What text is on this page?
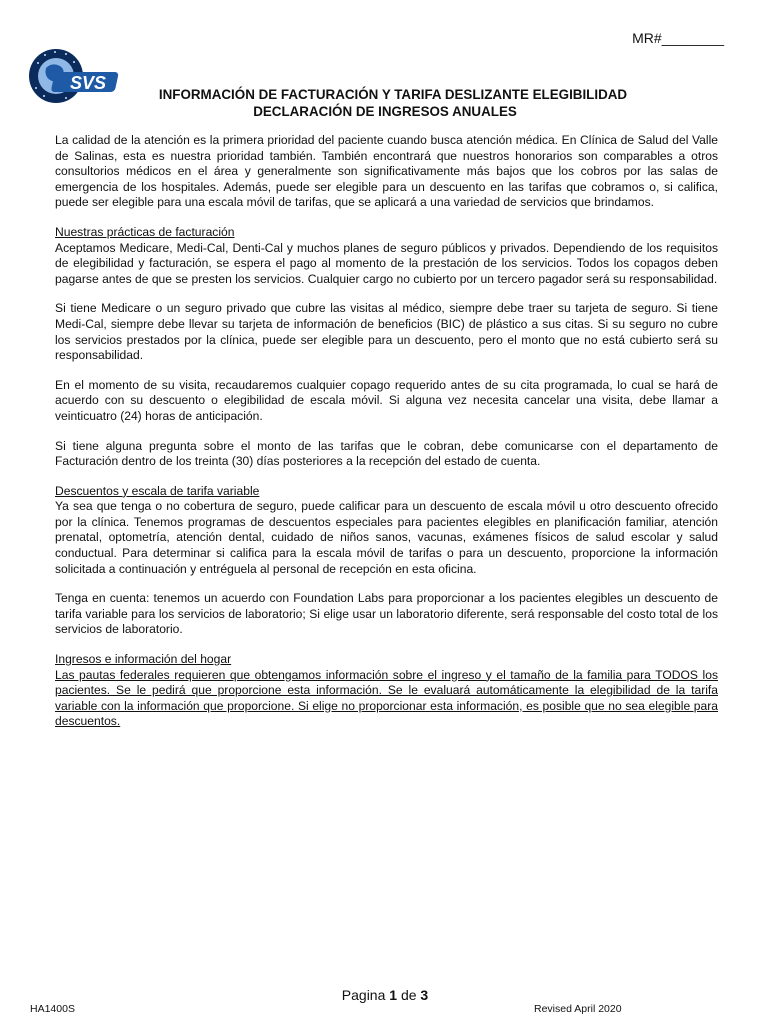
MR#________
SVS
INFORMACIÓN DE FACTURACIÓN Y TARIFA DESLIZANTE ELEGIBILIDAD
DECLARACIÓN DE INGRESOS ANUALES

La calidad de la atención es la primera prioridad del paciente cuando busca atención médica. En Clínica de Salud del Valle de Salinas, esta es nuestra prioridad también. También encontrará que nuestros honorarios son comparables a otros consultorios médicos en el área y generalmente son significativamente más bajos que los cobros por las salas de emergencia de los hospitales. Además, puede ser elegible para un descuento en las tarifas que cobramos o, si califica, puede ser elegible para una escala móvil de tarifas, que se aplicará a una variedad de servicios que brindamos.

Nuestras prácticas de facturación
Aceptamos Medicare, Medi-Cal, Denti-Cal y muchos planes de seguro públicos y privados. Dependiendo de los requisitos de elegibilidad y facturación, se espera el pago al momento de la prestación de los servicios. Todos los copagos deben pagarse antes de que se presten los servicios. Cualquier cargo no cubierto por un tercero pagador será su responsabilidad.

Si tiene Medicare o un seguro privado que cubre las visitas al médico, siempre debe traer su tarjeta de seguro. Si tiene Medi-Cal, siempre debe llevar su tarjeta de información de beneficios (BIC) de plástico a sus citas. Si su seguro no cubre los servicios prestados por la clínica, puede ser elegible para un descuento, pero el monto que no está cubierto será su responsabilidad.

En el momento de su visita, recaudaremos cualquier copago requerido antes de su cita programada, lo cual se hará de acuerdo con su descuento o elegibilidad de escala móvil. Si alguna vez necesita cancelar una visita, debe llamar a veinticuatro (24) horas de anticipación.

Si tiene alguna pregunta sobre el monto de las tarifas que le cobran, debe comunicarse con el departamento de Facturación dentro de los treinta (30) días posteriores a la recepción del estado de cuenta.

Descuentos y escala de tarifa variable
Ya sea que tenga o no cobertura de seguro, puede calificar para un descuento de escala móvil u otro descuento ofrecido por la clínica. Tenemos programas de descuentos especiales para pacientes elegibles en planificación familiar, atención prenatal, optometría, atención dental, cuidado de niños sanos, vacunas, exámenes físicos de salud escolar y salud conductual. Para determinar si califica para la escala móvil de tarifas o para un descuento, proporcione la información solicitada a continuación y entréguela al personal de recepción en esta oficina.

Tenga en cuenta: tenemos un acuerdo con Foundation Labs para proporcionar a los pacientes elegibles un descuento de tarifa variable para los servicios de laboratorio; Si elige usar un laboratorio diferente, será responsable del costo total de los servicios de laboratorio.

Ingresos e información del hogar
Las pautas federales requieren que obtengamos información sobre el ingreso y el tamaño de la familia para TODOS los pacientes. Se le pedirá que proporcione esta información. Se le evaluará automáticamente la elegibilidad de la tarifa variable con la información que proporcione. Si elige no proporcionar esta información, es posible que no sea elegible para descuentos.

Pagina 1 de 3
HA1400S	Revised April 2020
